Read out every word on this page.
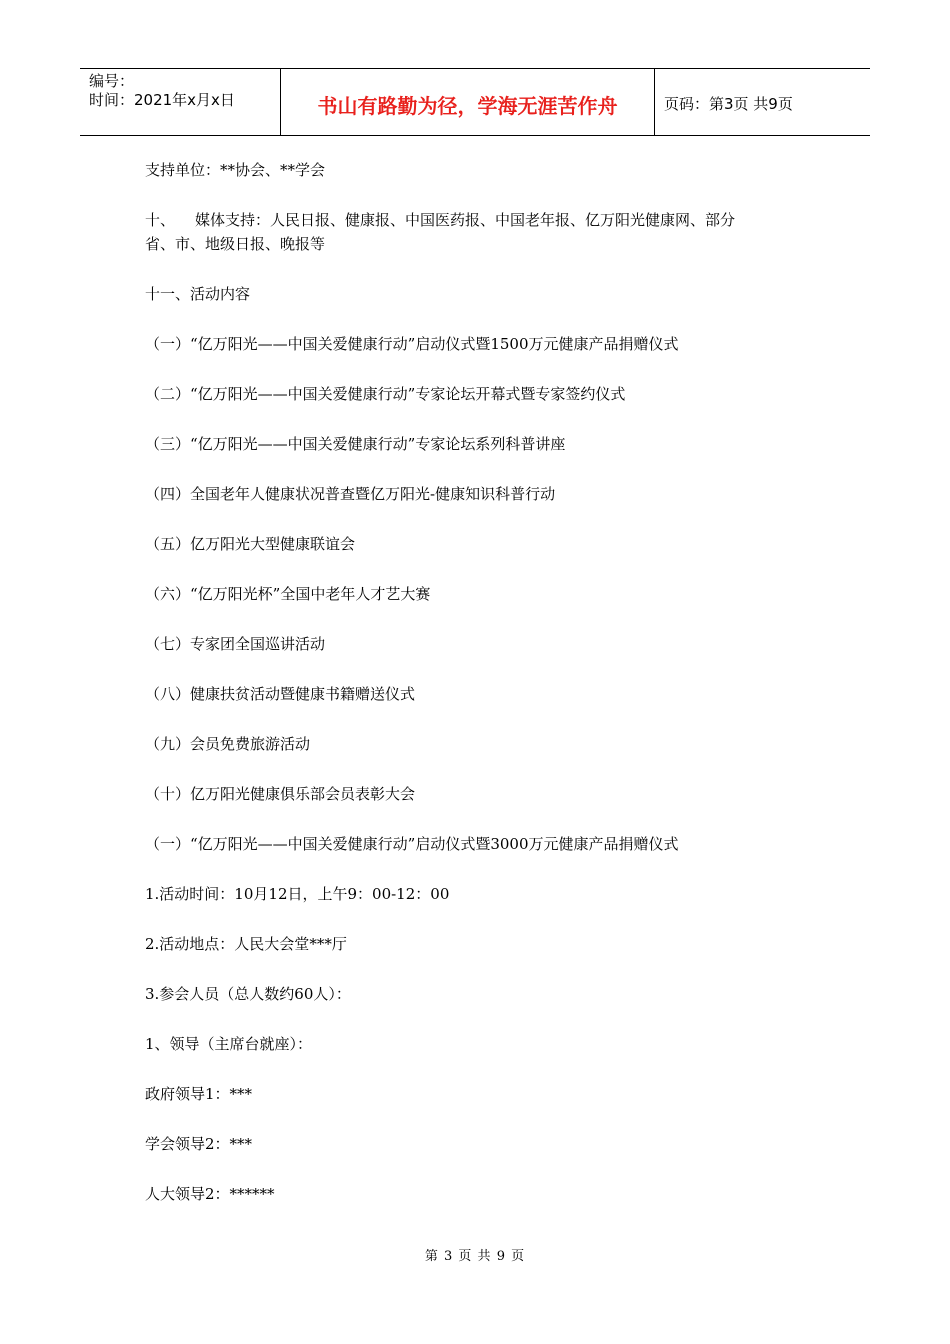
编号：
时间：2021年x月x日	书山有路勤为径，学海无涯苦作舟	页码：第3页 共9页

支持单位：**协会、**学会

十、	媒体支持：人民日报、健康报、中国医药报、中国老年报、亿万阳光健康网、部分

省、市、地级日报、晚报等

十一、活动内容

（一）“亿万阳光——中国关爱健康行动”启动仪式暨1500万元健康产品捐赠仪式

（二）“亿万阳光——中国关爱健康行动”专家论坛开幕式暨专家签约仪式

（三）“亿万阳光——中国关爱健康行动”专家论坛系列科普讲座

（四）全国老年人健康状况普查暨亿万阳光-健康知识科普行动

（五）亿万阳光大型健康联谊会

（六）“亿万阳光杯”全国中老年人才艺大赛

（七）专家团全国巡讲活动

（八）健康扶贫活动暨健康书籍赠送仪式

（九）会员免费旅游活动

（十）亿万阳光健康俱乐部会员表彰大会

（一）“亿万阳光——中国关爱健康行动”启动仪式暨3000万元健康产品捐赠仪式

1.活动时间：10月12日，上午9：00-12：00

2.活动地点：人民大会堂***厅

3.参会人员（总人数约60人）：

1、领导（主席台就座）：

政府领导1：***

学会领导2：***

人大领导2：******

第 3 页 共 9 页
